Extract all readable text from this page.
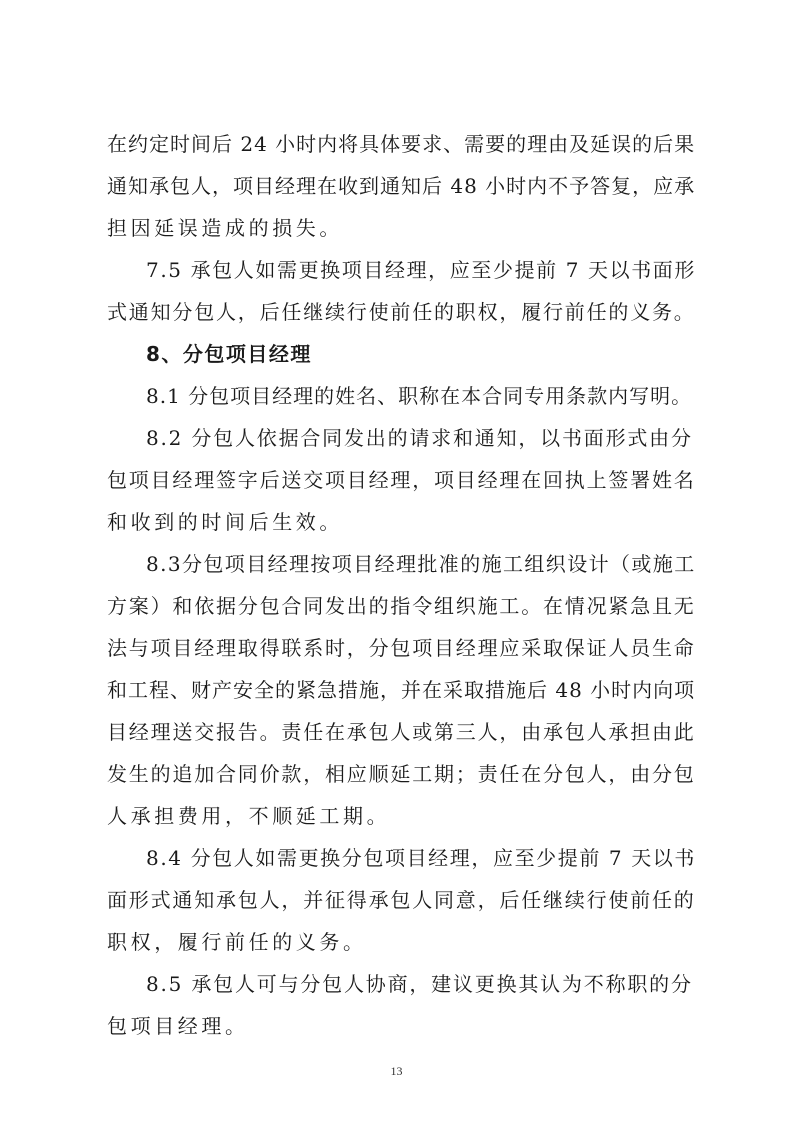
在约定时间后 24 小时内将具体要求、需要的理由及延误的后果
通知承包人，项目经理在收到通知后 48 小时内不予答复，应承
担因延误造成的损失。
7.5 承包人如需更换项目经理，应至少提前 7 天以书面形
式通知分包人，后任继续行使前任的职权，履行前任的义务。
8、分包项目经理
8.1 分包项目经理的姓名、职称在本合同专用条款内写明。
8.2 分包人依据合同发出的请求和通知，以书面形式由分
包项目经理签字后送交项目经理，项目经理在回执上签署姓名
和收到的时间后生效。
8.3分包项目经理按项目经理批准的施工组织设计（或施工
方案）和依据分包合同发出的指令组织施工。在情况紧急且无
法与项目经理取得联系时，分包项目经理应采取保证人员生命
和工程、财产安全的紧急措施，并在采取措施后 48 小时内向项
目经理送交报告。责任在承包人或第三人，由承包人承担由此
发生的追加合同价款，相应顺延工期；责任在分包人，由分包
人承担费用，不顺延工期。
8.4 分包人如需更换分包项目经理，应至少提前 7 天以书
面形式通知承包人，并征得承包人同意，后任继续行使前任的
职权，履行前任的义务。
8.5 承包人可与分包人协商，建议更换其认为不称职的分
包项目经理。
13
